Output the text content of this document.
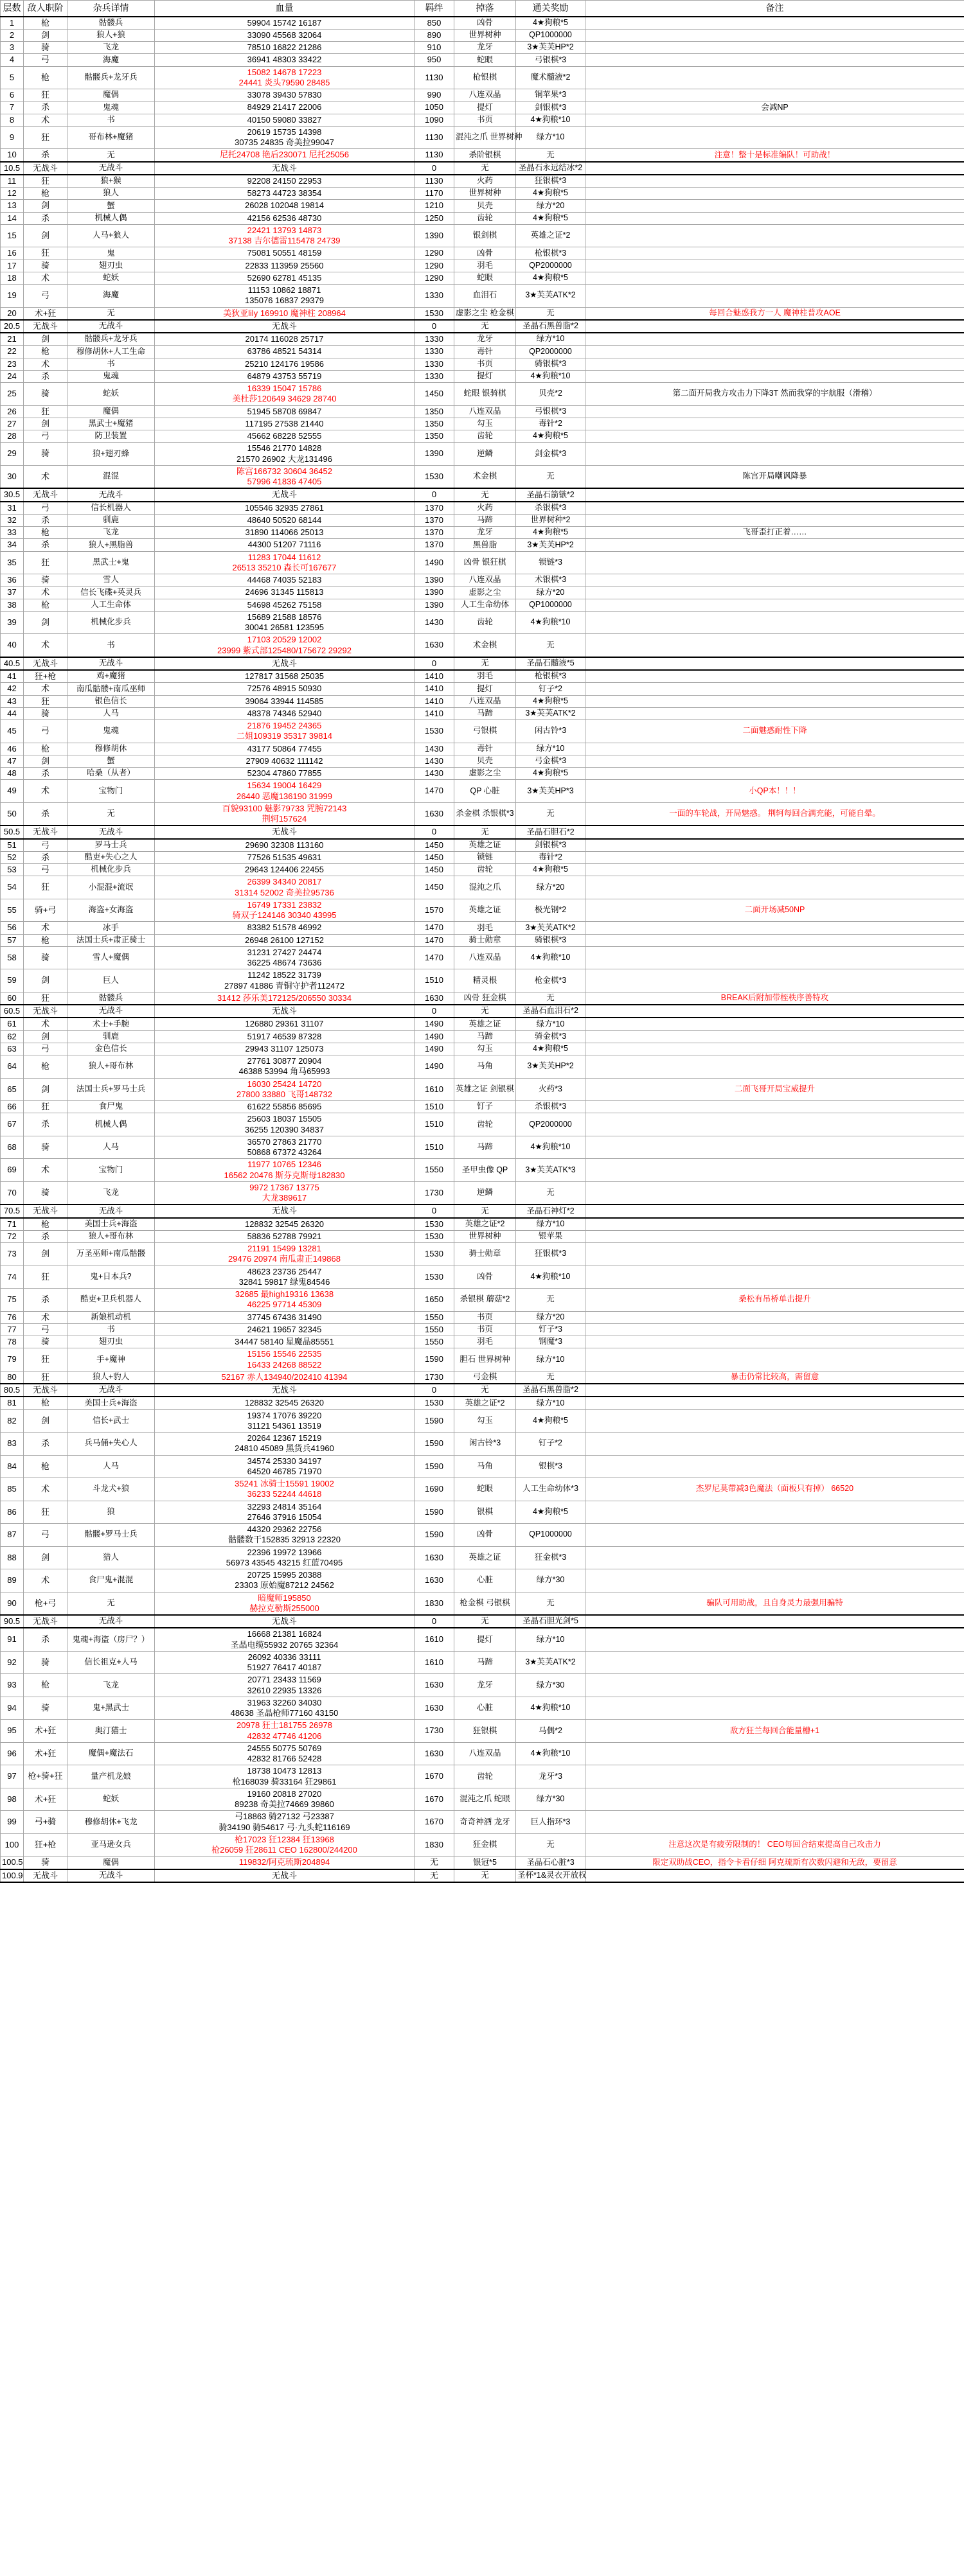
层数	敌人职阶	杂兵详情	血量	羁绊	掉落	通关奖励	备注
1	枪	骷髅兵	59904 15742 16187	850	凶骨	4★狗粮*5	
2	剑	狼人+狼	33090 45568 32064	890	世界树种	QP1000000	
3	骑	飞龙	78510 16822 21286	910	龙牙	3★芙芙HP*2	
4	弓	海魔	36941 48303 33422	950	蛇眼	弓银棋*3	
5	枪	骷髅兵+龙牙兵	15082 14678 17223
24441 炎头79590 28485	1130	枪银棋	魔术髓液*2	
6	狂	魔偶	33078 39430 57830	990	八连双晶	铜苹果*3	
7	杀	鬼魂	84929 21417 22006	1050	提灯	剑银棋*3	会减NP
8	术	书	40150 59080 33827	1090	书页	4★狗粮*10	
9	狂	哥布林+魔猪	20619 15735 14398
30735 24835 奇美拉99047	1130	混沌之爪 世界树种	绿方*10	
10	杀	无	尼托24708 艳后230071 尼托25056	1130	杀阶银棋	无	注意！整十是标准编队！可助战！
10.5	无战斗	无战斗	无战斗	0	无	圣晶石永远结冰*2	
11	狂	狼+猴	92208 24150 22953	1130	火药	狂银棋*3	
12	枪	狼人	58273 44723 38354	1170	世界树种	4★狗粮*5	
13	剑	蟹	26028 102048 19814	1210	贝壳	绿方*20	
14	杀	机械人偶	42156 62536 48730	1250	齿轮	4★狗粮*5	
15	剑	人马+狼人	22421 13793 14873
37138 吉尔德雷115478 24739	1390	银剑棋	英雄之证*2	
16	狂	鬼	75081 50551 48159	1290	凶骨	枪银棋*3	
17	骑	翅刃虫	22833 113959 25560	1290	羽毛	QP2000000	
18	术	蛇妖	52690 62781 45135	1290	蛇眼	4★狗粮*5	
19	弓	海魔	11153 10862 18871
135076 16837 29379	1330	血泪石	3★芙芙ATK*2	
20	术+狂	无	美狄亚lily 169910 魔神柱 208964	1530	虚影之尘 枪金棋	无	每回合魅惑我方一人 魔神柱普攻AOE
20.5	无战斗	无战斗	无战斗	0	无	圣晶石黑兽脂*2	
21	剑	骷髅兵+龙牙兵	20174 116028 25717	1330	龙牙	绿方*10	
22	枪	穆修胡休+人工生命	63786 48521 54314	1330	毒针	QP2000000	
23	术	书	25210 124176 19586	1330	书页	骑银棋*3	
24	杀	鬼魂	64879 43753 55719	1330	提灯	4★狗粮*10	
25	骑	蛇妖	16339 15047 15786
美杜莎120649 34629 28740	1450	蛇眼 银骑棋	贝壳*2	第二面开局我方攻击力下降3T 然而我穿的宇航服（滑稽）
26	狂	魔偶	51945 58708 69847	1350	八连双晶	弓银棋*3	
27	剑	黑武士+魔猪	117195 27538 21440	1350	勾玉	毒针*2	
28	弓	防卫装置	45662 68228 52555	1350	齿轮	4★狗粮*5	
29	骑	狼+翅刃蜂	15546 21770 14828
21570 26902 大龙131496	1390	逆鳞	剑金棋*3	
30	术	混混	陈宫166732 30604 36452
57996 41836 47405	1530	术金棋	无	陈宫开局嘲讽降暴
30.5	无战斗	无战斗	无战斗	0	无	圣晶石箭镞*2	
31	弓	信长机器人	105546 32935 27861	1370	火药	杀银棋*3	
32	杀	驯鹿	48640 50520 68144	1370	马蹄	世界树种*2	
33	枪	飞龙	31890 114066 25013	1370	龙牙	4★狗粮*5	飞哥歪打正着……
34	杀	狼人+黑脂兽	44300 51207 71116	1370	黑兽脂	3★芙芙HP*2	
35	狂	黑武士+鬼	11283 17044 11612
26513 35210 森长可167677	1490	凶骨 银狂棋	锁链*3	
36	骑	雪人	44468 74035 52183	1390	八连双晶	术银棋*3	
37	术	信长飞碟+英灵兵	24696 31345 115813	1390	虚影之尘	绿方*20	
38	枪	人工生命体	54698 45262 75158	1390	人工生命幼体	QP1000000	
39	剑	机械化步兵	15689 21588 18576
30041 26581 123595	1430	齿轮	4★狗粮*10	
40	术	书	17103 20529 12002
23999 紫式部125480/175672 29292	1630	术金棋	无	
40.5	无战斗	无战斗	无战斗	0	无	圣晶石髓液*5	
41	狂+枪	鸡+魔猪	127817 31568 25035	1410	羽毛	枪银棋*3	
42	术	南瓜骷髅+南瓜巫师	72576 48915 50930	1410	提灯	钉子*2	
43	狂	银色信长	39064 33944 114585	1410	八连双晶	4★狗粮*5	
44	骑	人马	48378 74346 52940	1410	马蹄	3★芙芙ATK*2	
45	弓	鬼魂	21876 19452 24365
二姐109319 35317 39814	1530	弓银棋	闲古铃*3	二面魅惑耐性下降
46	枪	穆修胡休	43177 50864 77455	1430	毒针	绿方*10	
47	剑	蟹	27909 40632 111142	1430	贝壳	弓金棋*3	
48	杀	哈桑（从者）	52304 47860 77855	1430	虚影之尘	4★狗粮*5	
49	术	宝物门	15634 19004 16429
26440 恶魔136190 31999	1470	QP 心脏	3★芙芙HP*3	小QP本！！！
50	杀	无	百貌93100 魅影79733 咒腕72143
荆轲157624	1630	杀金棋 杀银棋*3	无	一面的车轮战，开局魅惑。 荆轲每回合满充能，可能自晕。
50.5	无战斗	无战斗	无战斗	0	无	圣晶石胆石*2	
51	弓	罗马士兵	29690 32308 113160	1450	英雄之证	剑银棋*3	
52	杀	酷吏+失心之人	77526 51535 49631	1450	锁链	毒针*2	
53	弓	机械化步兵	29643 124406 22455	1450	齿轮	4★狗粮*5	
54	狂	小混混+流氓	26399 34340 20817
31314 52002 奇美拉95736	1450	混沌之爪	绿方*20	
55	骑+弓	海盗+女海盗	16749 17331 23832
骑双子124146 30340 43995	1570	英雄之证	极光钢*2	二面开场减50NP
56	术	冰手	83382 51578 46992	1470	羽毛	3★芙芙ATK*2	
57	枪	法国士兵+肃正骑士	26948 26100 127152	1470	骑士勋章	骑银棋*3	
58	骑	雪人+魔偶	31231 27427 24474
36225 48674 73636	1470	八连双晶	4★狗粮*10	
59	剑	巨人	11242 18522 31739
27897 41886 青铜守护者112472	1510	精灵根	枪金棋*3	
60	狂	骷髅兵	31412 莎乐美172125/206550 30334	1630	凶骨 狂金棋	无	BREAK后附加带桎秩序善特攻
60.5	无战斗	无战斗	无战斗	0	无	圣晶石血泪石*2	
61	术	术士+手腕	126880 29361 31107	1490	英雄之证	绿方*10	
62	剑	驯鹿	51917 46539 87328	1490	马蹄	骑金棋*3	
63	弓	金色信长	29943 31107 125073	1490	勾玉	4★狗粮*5	
64	枪	狼人+哥布林	27761 30877 20904
46388 53994 角马65993	1490	马角	3★芙芙HP*2	
65	剑	法国士兵+罗马士兵	16030 25424 14720
27800 33880 飞哥148732	1610	英雄之证 剑银棋	火药*3	二面飞哥开局宝威提升
66	狂	食尸鬼	61622 55856 85695	1510	钉子	杀银棋*3	
67	杀	机械人偶	25603 18037 15505
36255 120390 34837	1510	齿轮	QP2000000	
68	骑	人马	36570 27863 21770
50868 67372 43264	1510	马蹄	4★狗粮*10	
69	术	宝物门	11977 10765 12346
16562 20476 斯芬克斯母182830	1550	圣甲虫像 QP	3★芙芙ATK*3	
70	骑	飞龙	9972 17367 13775
大龙389617	1730	逆鳞	无	
70.5	无战斗	无战斗	无战斗	0	无	圣晶石神灯*2	
71	枪	美国士兵+海盗	128832 32545 26320	1530	英雄之证*2	绿方*10	
72	杀	狼人+哥布林	58836 52788 79921	1530	世界树种	银苹果	
73	剑	万圣巫师+南瓜骷髅	21191 15499 13281
29476 20974 南瓜肃正149868	1530	骑士勋章	狂银棋*3	
74	狂	鬼+日本兵?	48623 23736 25447
32841 59817 绿鬼84546	1530	凶骨	4★狗粮*10	
75	杀	酷吏+卫兵机器人	32685 最high19316 13638
46225 97714 45309	1650	杀银棋 蘑菇*2	无	桑松有吊桥单击提升
76	术	新娘机动机	37745 67436 31490	1550	书页	绿方*20	
77	弓	书	24621 19657 32345	1550	书页	钉子*3	
78	骑	翅刃虫	34447 58140 星魔晶85551	1550	羽毛	钢魔*3	
79	狂	手+魔神	15156 15546 22535
16433 24268 88522	1590	胆石 世界树种	绿方*10	
80	狂	狼人+豹人	52167 赤人134940/202410 41394	1730	弓金棋	无	暴击仍常比较高，需留意
80.5	无战斗	无战斗	无战斗	0	无	圣晶石黑兽脂*2	
81	枪	美国士兵+海盗	128832 32545 26320	1530	英雄之证*2	绿方*10	
82	剑	信长+武士	19374 17076 39220
31121 54361 13519	1590	勾玉	4★狗粮*5	
83	杀	兵马俑+失心人	20264 12367 15219
24810 45089 黑货兵41960	1590	闲古铃*3	钉子*2	
84	枪	人马	34574 25330 34197
64520 46785 71970	1590	马角	银棋*3	
85	术	斗龙犬+狼	35241 冰骑士15591 19002
36233 52244 44618	1690	蛇眼	人工生命幼体*3	杰罗尼莫带减3色魔法（面板只有掉） 66520
86	狂	狼	32293 24814 35164
27646 37916 15054	1590	银棋	4★狗粮*5	
87	弓	骷髅+罗马士兵	44320 29362 22756
骷髅数干152835 32913 22320	1590	凶骨	QP1000000	
88	剑	猎人	22396 19972 13966
56973 43545 43215 红蓝70495	1630	英雄之证	狂金棋*3	
89	术	食尸鬼+混混	20725 15995 20388
23303 原始魔87212 24562	1630	心脏	绿方*30	
90	枪+弓	无	暗魔师195850
赫拉克勒斯255000	1830	枪金棋 弓银棋	无	骗队可用助战，且自身灵力最强用骗特
90.5	无战斗	无战斗	无战斗	0	无	圣晶石胆光剑*5	
91	杀	鬼魂+海盗（房尸？）	16668 21381 16824
圣晶电缆55932 20765 32364	1610	提灯	绿方*10	
92	骑	信长祖克+人马	26092 40336 33111
51927 76417 40187	1610	马蹄	3★芙芙ATK*2	
93	枪	飞龙	20771 23433 11569
32610 22935 13326	1630	龙牙	绿方*30	
94	骑	鬼+黑武士	31963 32260 34030
48638 圣晶枪师77160 43150	1630	心脏	4★狗粮*10	
95	术+狂	奥汀猫士	20978 狂士181755 26978
42832 47746 41206	1730	狂银棋	马偶*2	敌方狂兰每回合能量槽+1
96	术+狂	魔偶+魔法石	24555 50775 50769
42832 81766 52428	1630	八连双晶	4★狗粮*10	
97	枪+骑+狂	量产机龙娘	18738 10473 12813
枪168039 骑33164 狂29861	1670	齿轮	龙牙*3	
98	术+狂	蛇妖	19160 20818 27020
89238 奇美拉74669 39860	1670	混沌之爪 蛇眼	绿方*30	
99	弓+骑	穆修胡休+飞龙	弓18863 骑27132 弓23387
骑34190 骑54617 弓·九头蛇116169	1670	奇奇神酒 龙牙	巨人指环*3	
100	狂+枪	亚马逊女兵	枪17023 狂12384 狂13968
枪26059 狂28611 CEO 162800/244200	1830	狂金棋	无	注意这次是有疲劳限制的！ CEO每回合结束提高自己攻击力
100.5	骑	魔偶	119832/阿克琉斯204894	无	银冠*5	圣晶石心脏*3	限定双助战CEO，指令卡看仔细 阿克琉斯有次数闪避和无敌，要留意
100.9	无战斗	无战斗	无战斗	无	无	圣杯*1&灵衣开放权	
